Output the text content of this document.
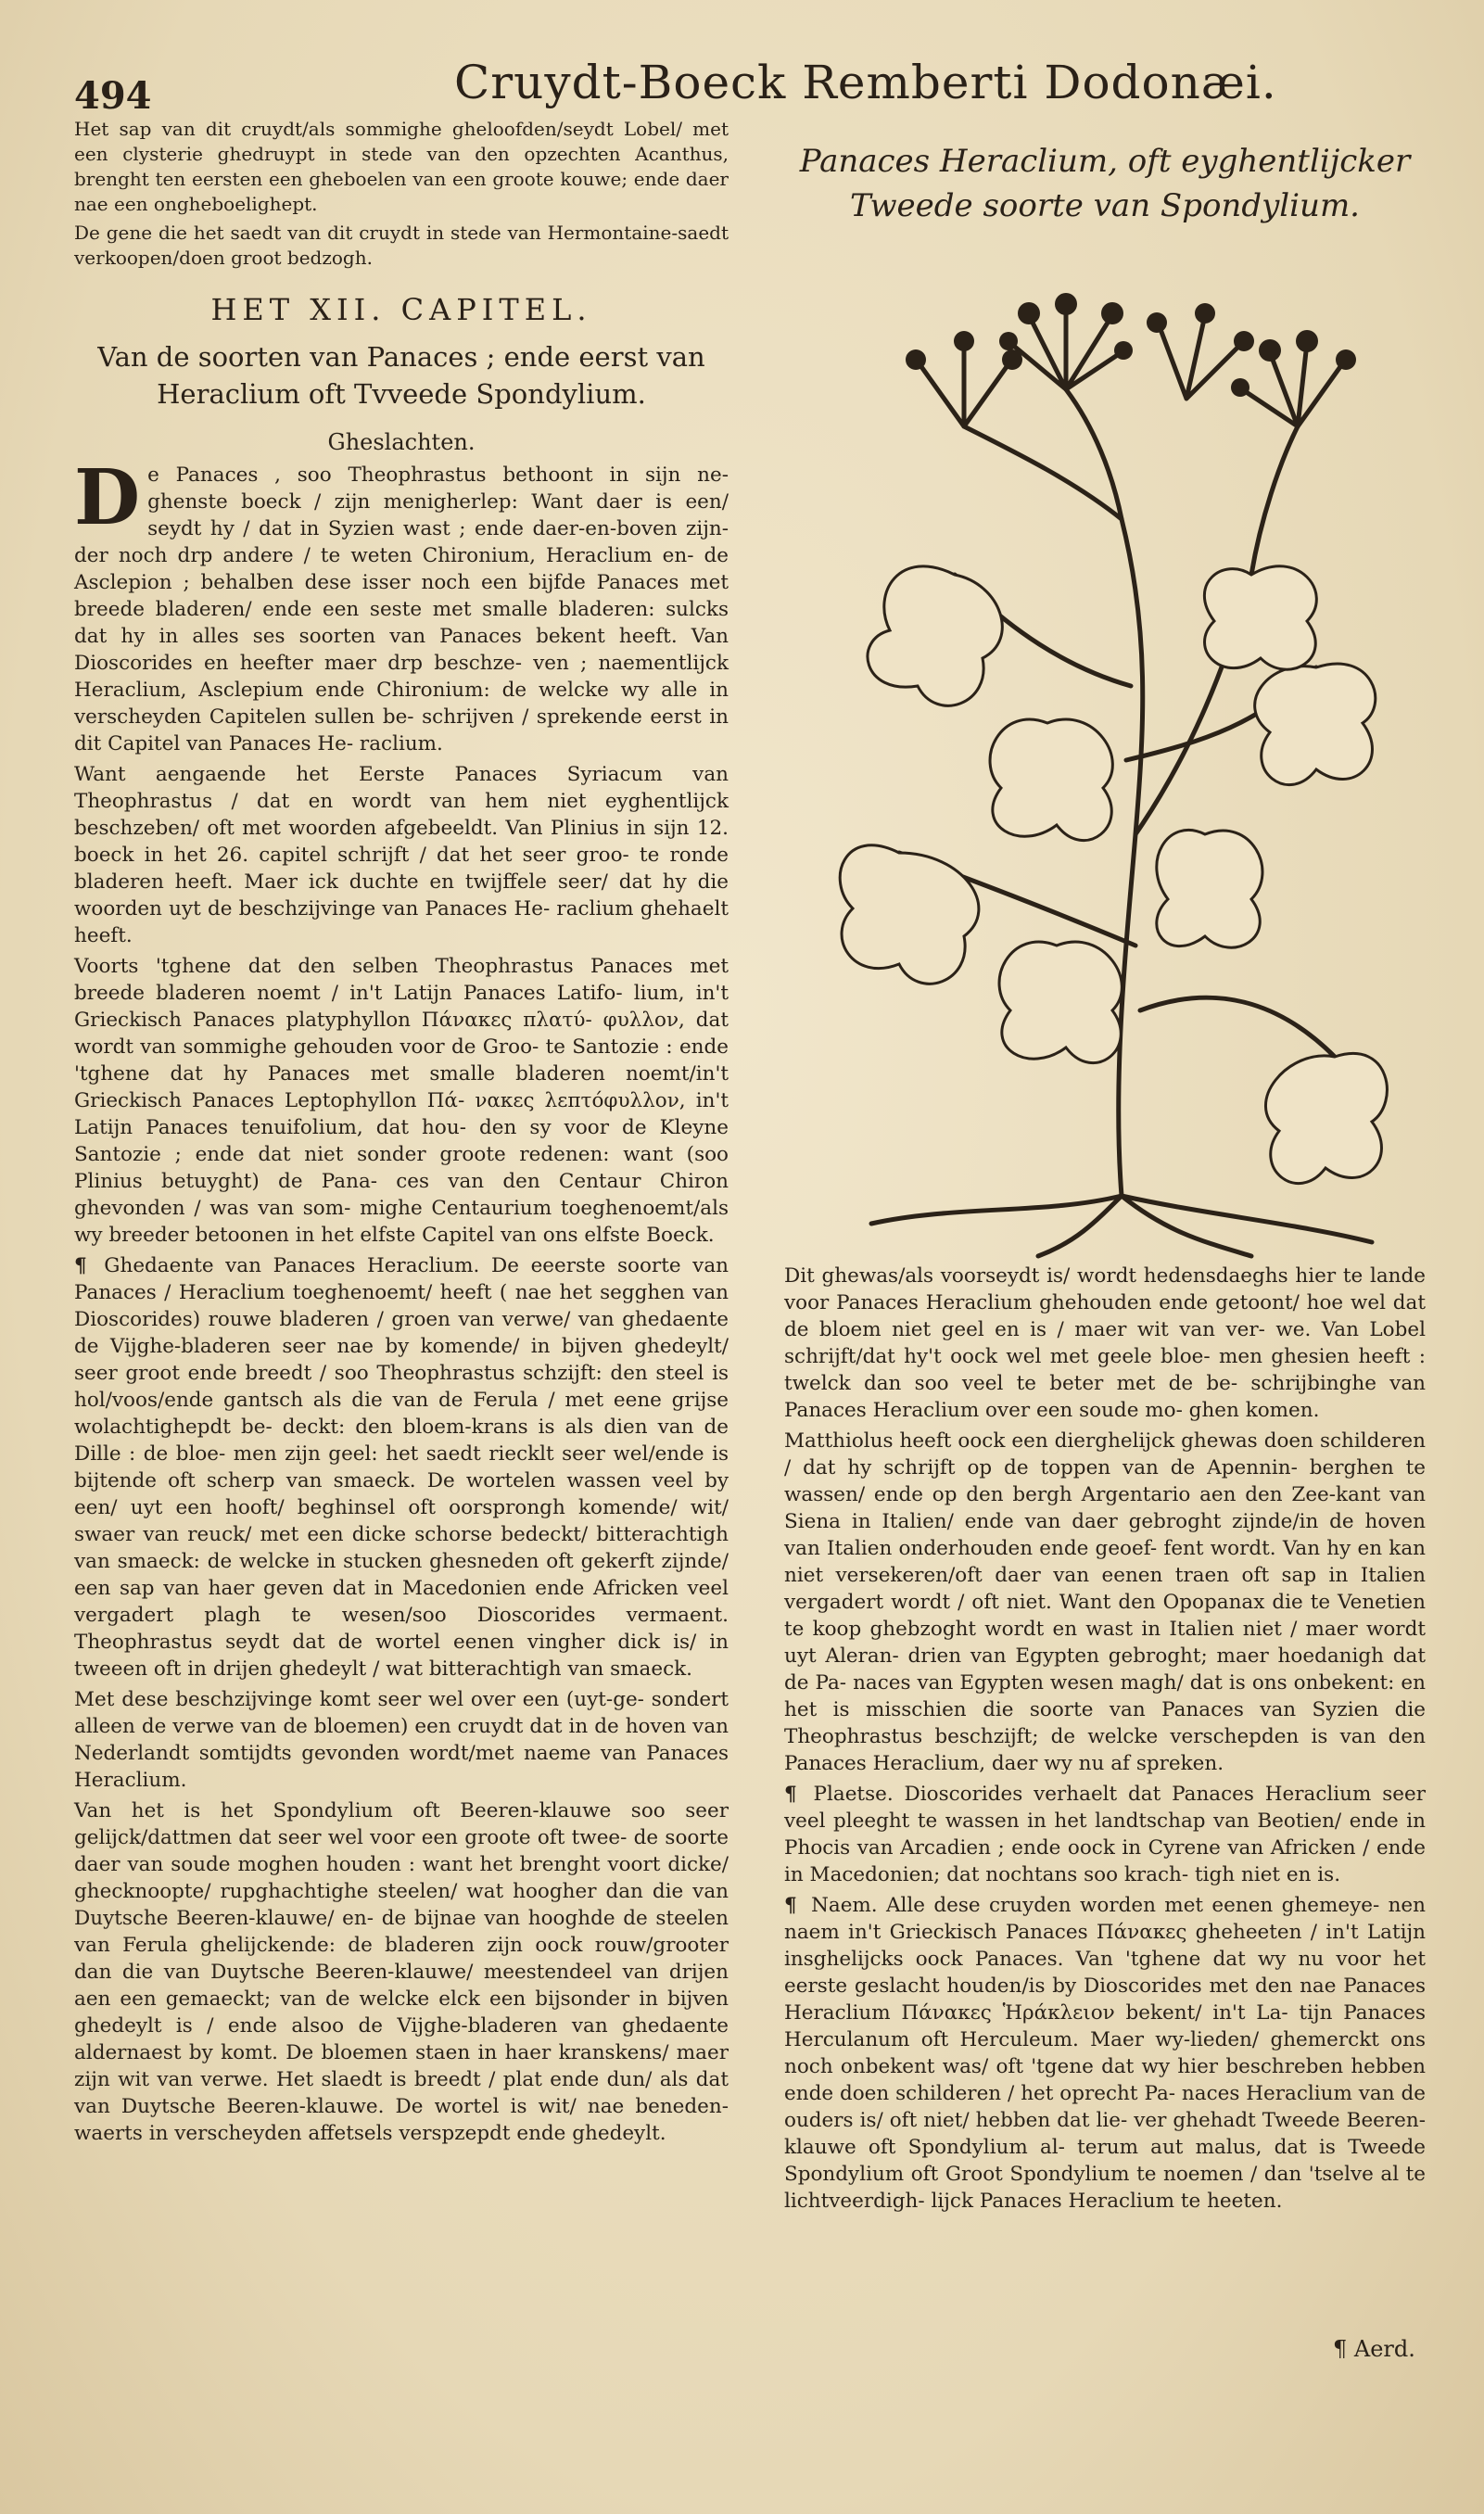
494	Cruydt-Boeck Remberti Dodonæi.

Het sap van dit cruydt/als sommighe gheloofden/seydt Lobel/ met een clysterie ghedruypt in stede van den opzechten Acanthus, brenght ten eersten een gheboelen van een groote kouwe; ende daer nae een ongheboelighept.

De gene die het saedt van dit cruydt in stede van Hermontaine-saedt verkoopen/doen groot bedzogh.

HET XII. CAPITEL.
Van de soorten van Panaces ; ende eerst van
Heraclium oft Tvveede Spondylium.
Gheslachten.

D e Panaces , soo Theophrastus bethoont in sijn ne- ghenste boeck / zijn menigherlep: Want daer is een/ seydt hy / dat in Syzien wast ; ende daer-en-boven zijn- der noch drp andere / te weten Chironium, Heraclium en- de Asclepion ; behalben dese isser noch een bijfde Panaces met breede bladeren/ ende een seste met smalle bladeren: sulcks dat hy in alles ses soorten van Panaces bekent heeft. Van Dioscorides en heefter maer drp beschze- ven ; naementlijck Heraclium, Asclepium ende Chironium: de welcke wy alle in verscheyden Capitelen sullen be- schrijven / sprekende eerst in dit Capitel van Panaces He- raclium.

Want aengaende het Eerste Panaces Syriacum van Theophrastus / dat en wordt van hem niet eyghentlijck beschzeben/ oft met woorden afgebeeldt. Van Plinius in sijn 12. boeck in het 26. capitel schrijft / dat het seer groo- te ronde bladeren heeft. Maer ick duchte en twijffele seer/ dat hy die woorden uyt de beschzijvinge van Panaces He- raclium ghehaelt heeft.

Voorts 'tghene dat den selben Theophrastus Panaces met breede bladeren noemt / in't Latijn Panaces Latifo- lium, in't Grieckisch Panaces platyphyllon Πάνακες πλατύ- φυλλον, dat wordt van sommighe gehouden voor de Groo- te Santozie : ende 'tghene dat hy Panaces met smalle bladeren noemt/in't Grieckisch Panaces Leptophyllon Πά- νακες λεπτόφυλλον, in't Latijn Panaces tenuifolium, dat hou- den sy voor de Kleyne Santozie ; ende dat niet sonder groote redenen: want (soo Plinius betuyght) de Pana- ces van den Centaur Chiron ghevonden / was van som- mighe Centaurium toeghenoemt/als wy breeder betoonen in het elfste Capitel van ons elfste Boeck.

¶ Ghedaente van Panaces Heraclium. De eeerste soorte van Panaces / Heraclium toeghenoemt/ heeft ( nae het segghen van Dioscorides) rouwe bladeren / groen van verwe/ van ghedaente de Vijghe-bladeren seer nae by komende/ in bijven ghedeylt/ seer groot ende breedt / soo Theophrastus schzijft: den steel is hol/voos/ende gantsch als die van de Ferula / met eene grijse wolachtighepdt be- deckt: den bloem-krans is als dien van de Dille : de bloe- men zijn geel: het saedt riecklt seer wel/ende is bijtende oft scherp van smaeck. De wortelen wassen veel by een/ uyt een hooft/ beghinsel oft oorsprongh komende/ wit/ swaer van reuck/ met een dicke schorse bedeckt/ bitterachtigh van smaeck: de welcke in stucken ghesneden oft gekerft zijnde/ een sap van haer geven dat in Macedonien ende Africken veel vergadert plagh te wesen/soo Dioscorides vermaent. Theophrastus seydt dat de wortel eenen vingher dick is/ in tweeen oft in drijen ghedeylt / wat bitterachtigh van smaeck.

Met dese beschzijvinge komt seer wel over een (uyt-ge- sondert alleen de verwe van de bloemen) een cruydt dat in de hoven van Nederlandt somtijdts gevonden wordt/met naeme van Panaces Heraclium.

Van het is het Spondylium oft Beeren-klauwe soo seer gelijck/dattmen dat seer wel voor een groote oft twee- de soorte daer van soude moghen houden : want het brenght voort dicke/ ghecknoopte/ rupghachtighe steelen/ wat hoogher dan die van Duytsche Beeren-klauwe/ en- de bijnae van hooghde de steelen van Ferula ghelijckende: de bladeren zijn oock rouw/grooter dan die van Duytsche Beeren-klauwe/ meestendeel van drijen aen een gemaeckt; van de welcke elck een bijsonder in bijven ghedeylt is / ende alsoo de Vijghe-bladeren van ghedaente aldernaest by komt. De bloemen staen in haer kranskens/ maer zijn wit van verwe. Het slaedt is breedt / plat ende dun/ als dat van Duytsche Beeren-klauwe. De wortel is wit/ nae beneden-waerts in verscheyden affetsels verspzepdt ende ghedeylt.

Panaces Heraclium, oft eyghentlijcker
Tweede soorte van Spondylium.

Dit ghewas/als voorseydt is/ wordt hedensdaeghs hier te lande voor Panaces Heraclium ghehouden ende getoont/ hoe wel dat de bloem niet geel en is / maer wit van ver- we. Van Lobel schrijft/dat hy't oock wel met geele bloe- men ghesien heeft : twelck dan soo veel te beter met de be- schrijbinghe van Panaces Heraclium over een soude mo- ghen komen.

Matthiolus heeft oock een dierghelijck ghewas doen schilderen / dat hy schrijft op de toppen van de Apennin- berghen te wassen/ ende op den bergh Argentario aen den Zee-kant van Siena in Italien/ ende van daer gebroght zijnde/in de hoven van Italien onderhouden ende geoef- fent wordt. Van hy en kan niet versekeren/oft daer van eenen traen oft sap in Italien vergadert wordt / oft niet. Want den Opopanax die te Venetien te koop ghebzoght wordt en wast in Italien niet / maer wordt uyt Aleran- drien van Egypten gebroght; maer hoedanigh dat de Pa- naces van Egypten wesen magh/ dat is ons onbekent: en het is misschien die soorte van Panaces van Syzien die Theophrastus beschzijft; de welcke verschepden is van den Panaces Heraclium, daer wy nu af spreken.

¶ Plaetse. Dioscorides verhaelt dat Panaces Heraclium seer veel pleeght te wassen in het landtschap van Beotien/ ende in Phocis van Arcadien ; ende oock in Cyrene van Africken / ende in Macedonien; dat nochtans soo krach- tigh niet en is.

¶ Naem. Alle dese cruyden worden met eenen ghemeye- nen naem in't Grieckisch Panaces Πάνακες gheheeten / in't Latijn insghelijcks oock Panaces. Van 'tghene dat wy nu voor het eerste geslacht houden/is by Dioscorides met den nae Panaces Heraclium Πάνακες Ἡράκλειον bekent/ in't La- tijn Panaces Herculanum oft Herculeum. Maer wy-lieden/ ghemerckt ons noch onbekent was/ oft 'tgene dat wy hier beschreben hebben ende doen schilderen / het oprecht Pa- naces Heraclium van de ouders is/ oft niet/ hebben dat lie- ver ghehadt Tweede Beeren-klauwe oft Spondylium al- terum aut malus, dat is Tweede Spondylium oft Groot Spondylium te noemen / dan 'tselve al te lichtveerdigh- lijck Panaces Heraclium te heeten.

¶ Aerd.
